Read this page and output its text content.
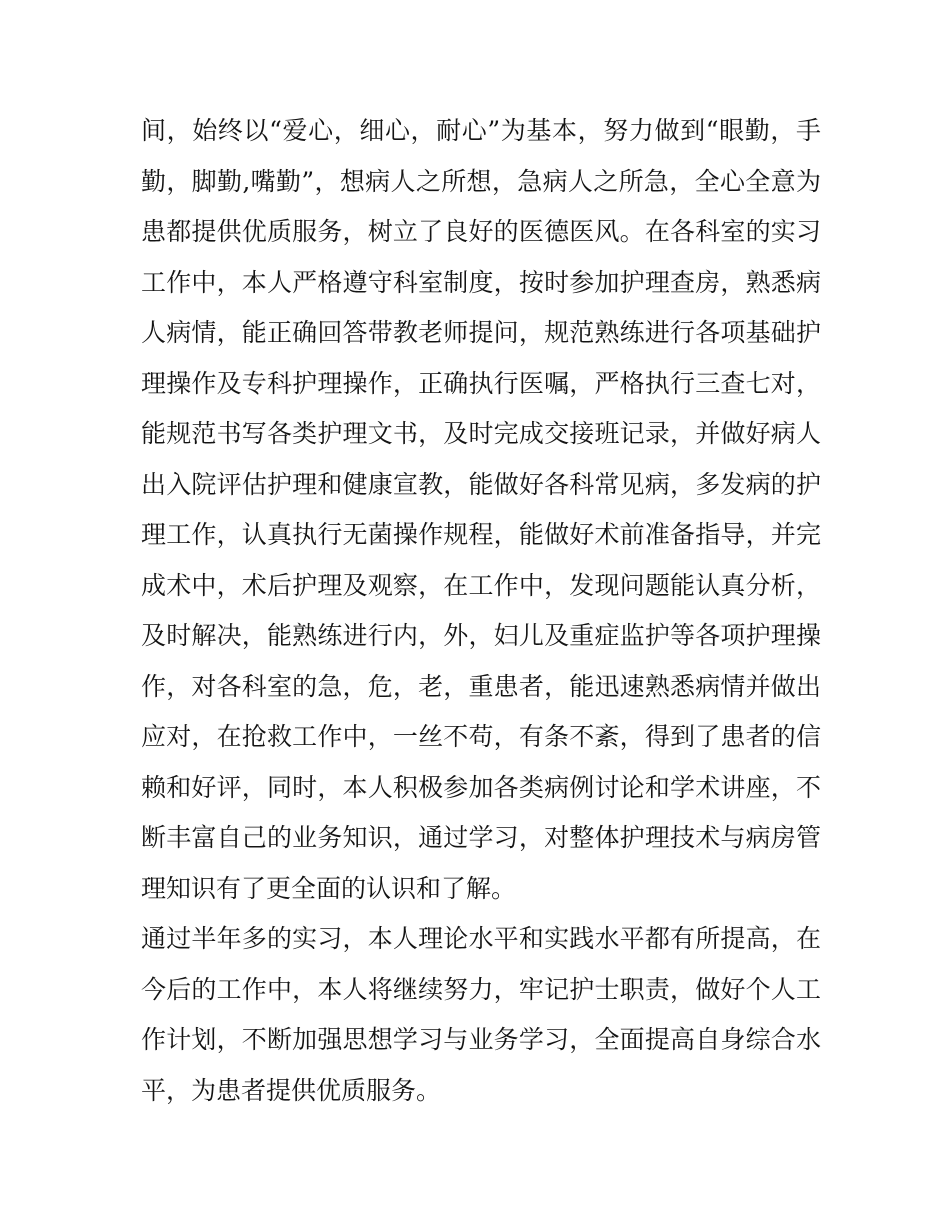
间，始终以“爱心，细心，耐心”为基本，努力做到“眼勤，手
勤，脚勤,嘴勤”，想病人之所想，急病人之所急，全心全意为
患都提供优质服务，树立了良好的医德医风。在各科室的实习
工作中，本人严格遵守科室制度，按时参加护理查房，熟悉病
人病情，能正确回答带教老师提问，规范熟练进行各项基础护
理操作及专科护理操作，正确执行医嘱，严格执行三查七对，
能规范书写各类护理文书，及时完成交接班记录，并做好病人
出入院评估护理和健康宣教，能做好各科常见病，多发病的护
理工作，认真执行无菌操作规程，能做好术前准备指导，并完
成术中，术后护理及观察，在工作中，发现问题能认真分析，
及时解决，能熟练进行内，外，妇儿及重症监护等各项护理操
作，对各科室的急，危，老，重患者，能迅速熟悉病情并做出
应对，在抢救工作中，一丝不苟，有条不紊，得到了患者的信
赖和好评，同时，本人积极参加各类病例讨论和学术讲座，不
断丰富自己的业务知识，通过学习，对整体护理技术与病房管
理知识有了更全面的认识和了解。
通过半年多的实习，本人理论水平和实践水平都有所提高，在
今后的工作中，本人将继续努力，牢记护士职责，做好个人工
作计划，不断加强思想学习与业务学习，全面提高自身综合水
平，为患者提供优质服务。
